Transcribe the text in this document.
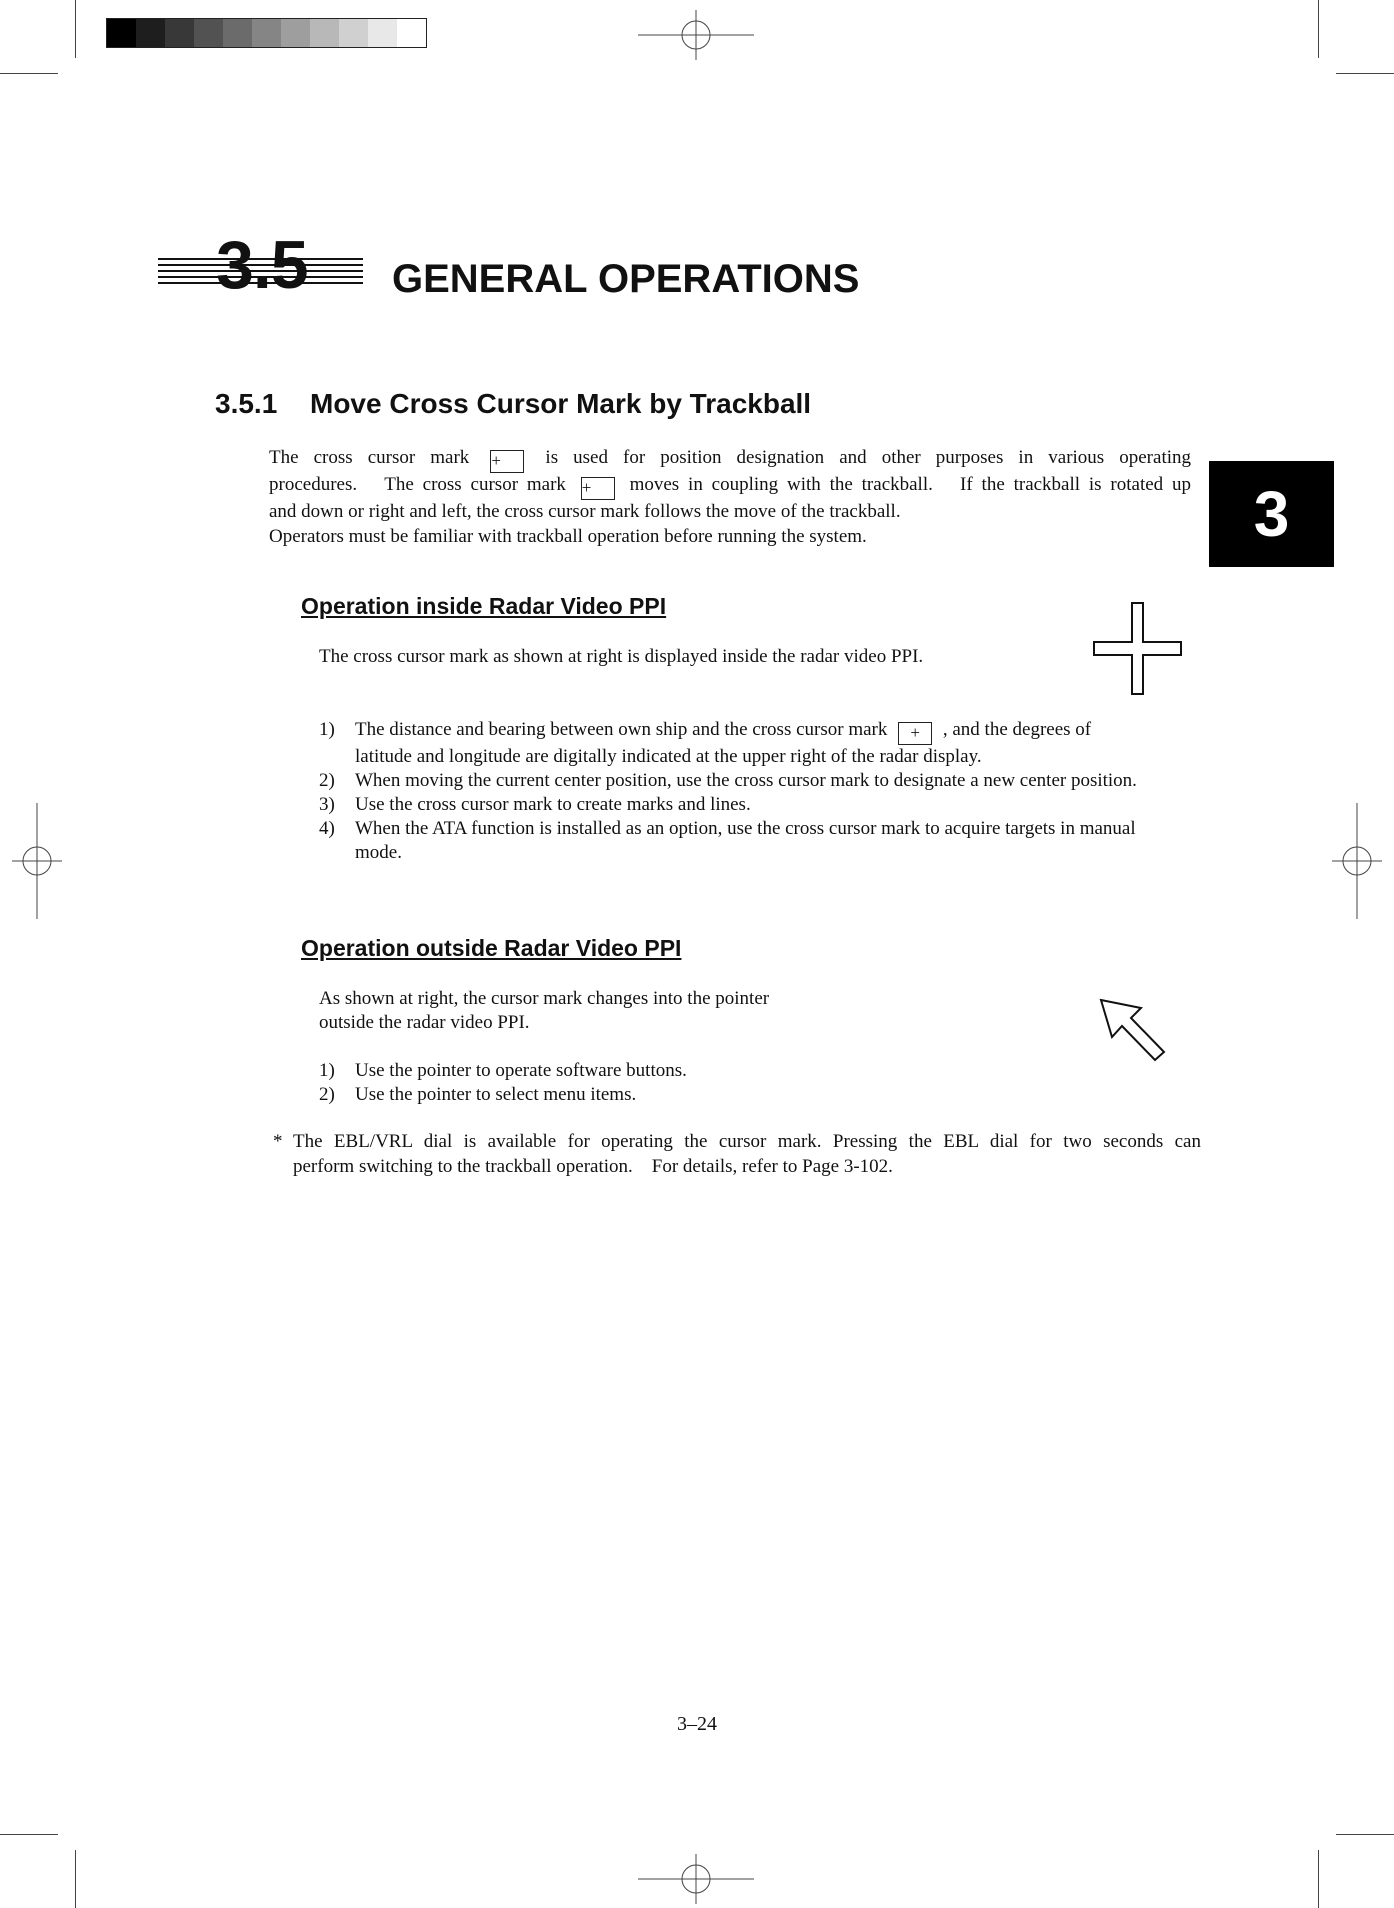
3.5 GENERAL OPERATIONS
3.5.1 Move Cross Cursor Mark by Trackball
3
The cross cursor mark + is used for position designation and other purposes in various operating
procedures.　The cross cursor mark + moves in coupling with the trackball.　If the trackball is rotated up
and down or right and left, the cross cursor mark follows the move of the trackball.
Operators must be familiar with trackball operation before running the system.
Operation inside Radar Video PPI
The cross cursor mark as shown at right is displayed inside the radar video PPI.
1)	The distance and bearing between own ship and the cross cursor mark + , and the degrees of
latitude and longitude are digitally indicated at the upper right of the radar display.
2)	When moving the current center position, use the cross cursor mark to designate a new center position.
3)	Use the cross cursor mark to create marks and lines.
4)	When the ATA function is installed as an option, use the cross cursor mark to acquire targets in manual mode.
Operation outside Radar Video PPI
As shown at right, the cursor mark changes into the pointer
outside the radar video PPI.
1)	Use the pointer to operate software buttons.
2)	Use the pointer to select menu items.
* The EBL/VRL dial is available for operating the cursor mark. Pressing the EBL dial for two seconds can
perform switching to the trackball operation.　For details, refer to Page 3-102.
3‒24
